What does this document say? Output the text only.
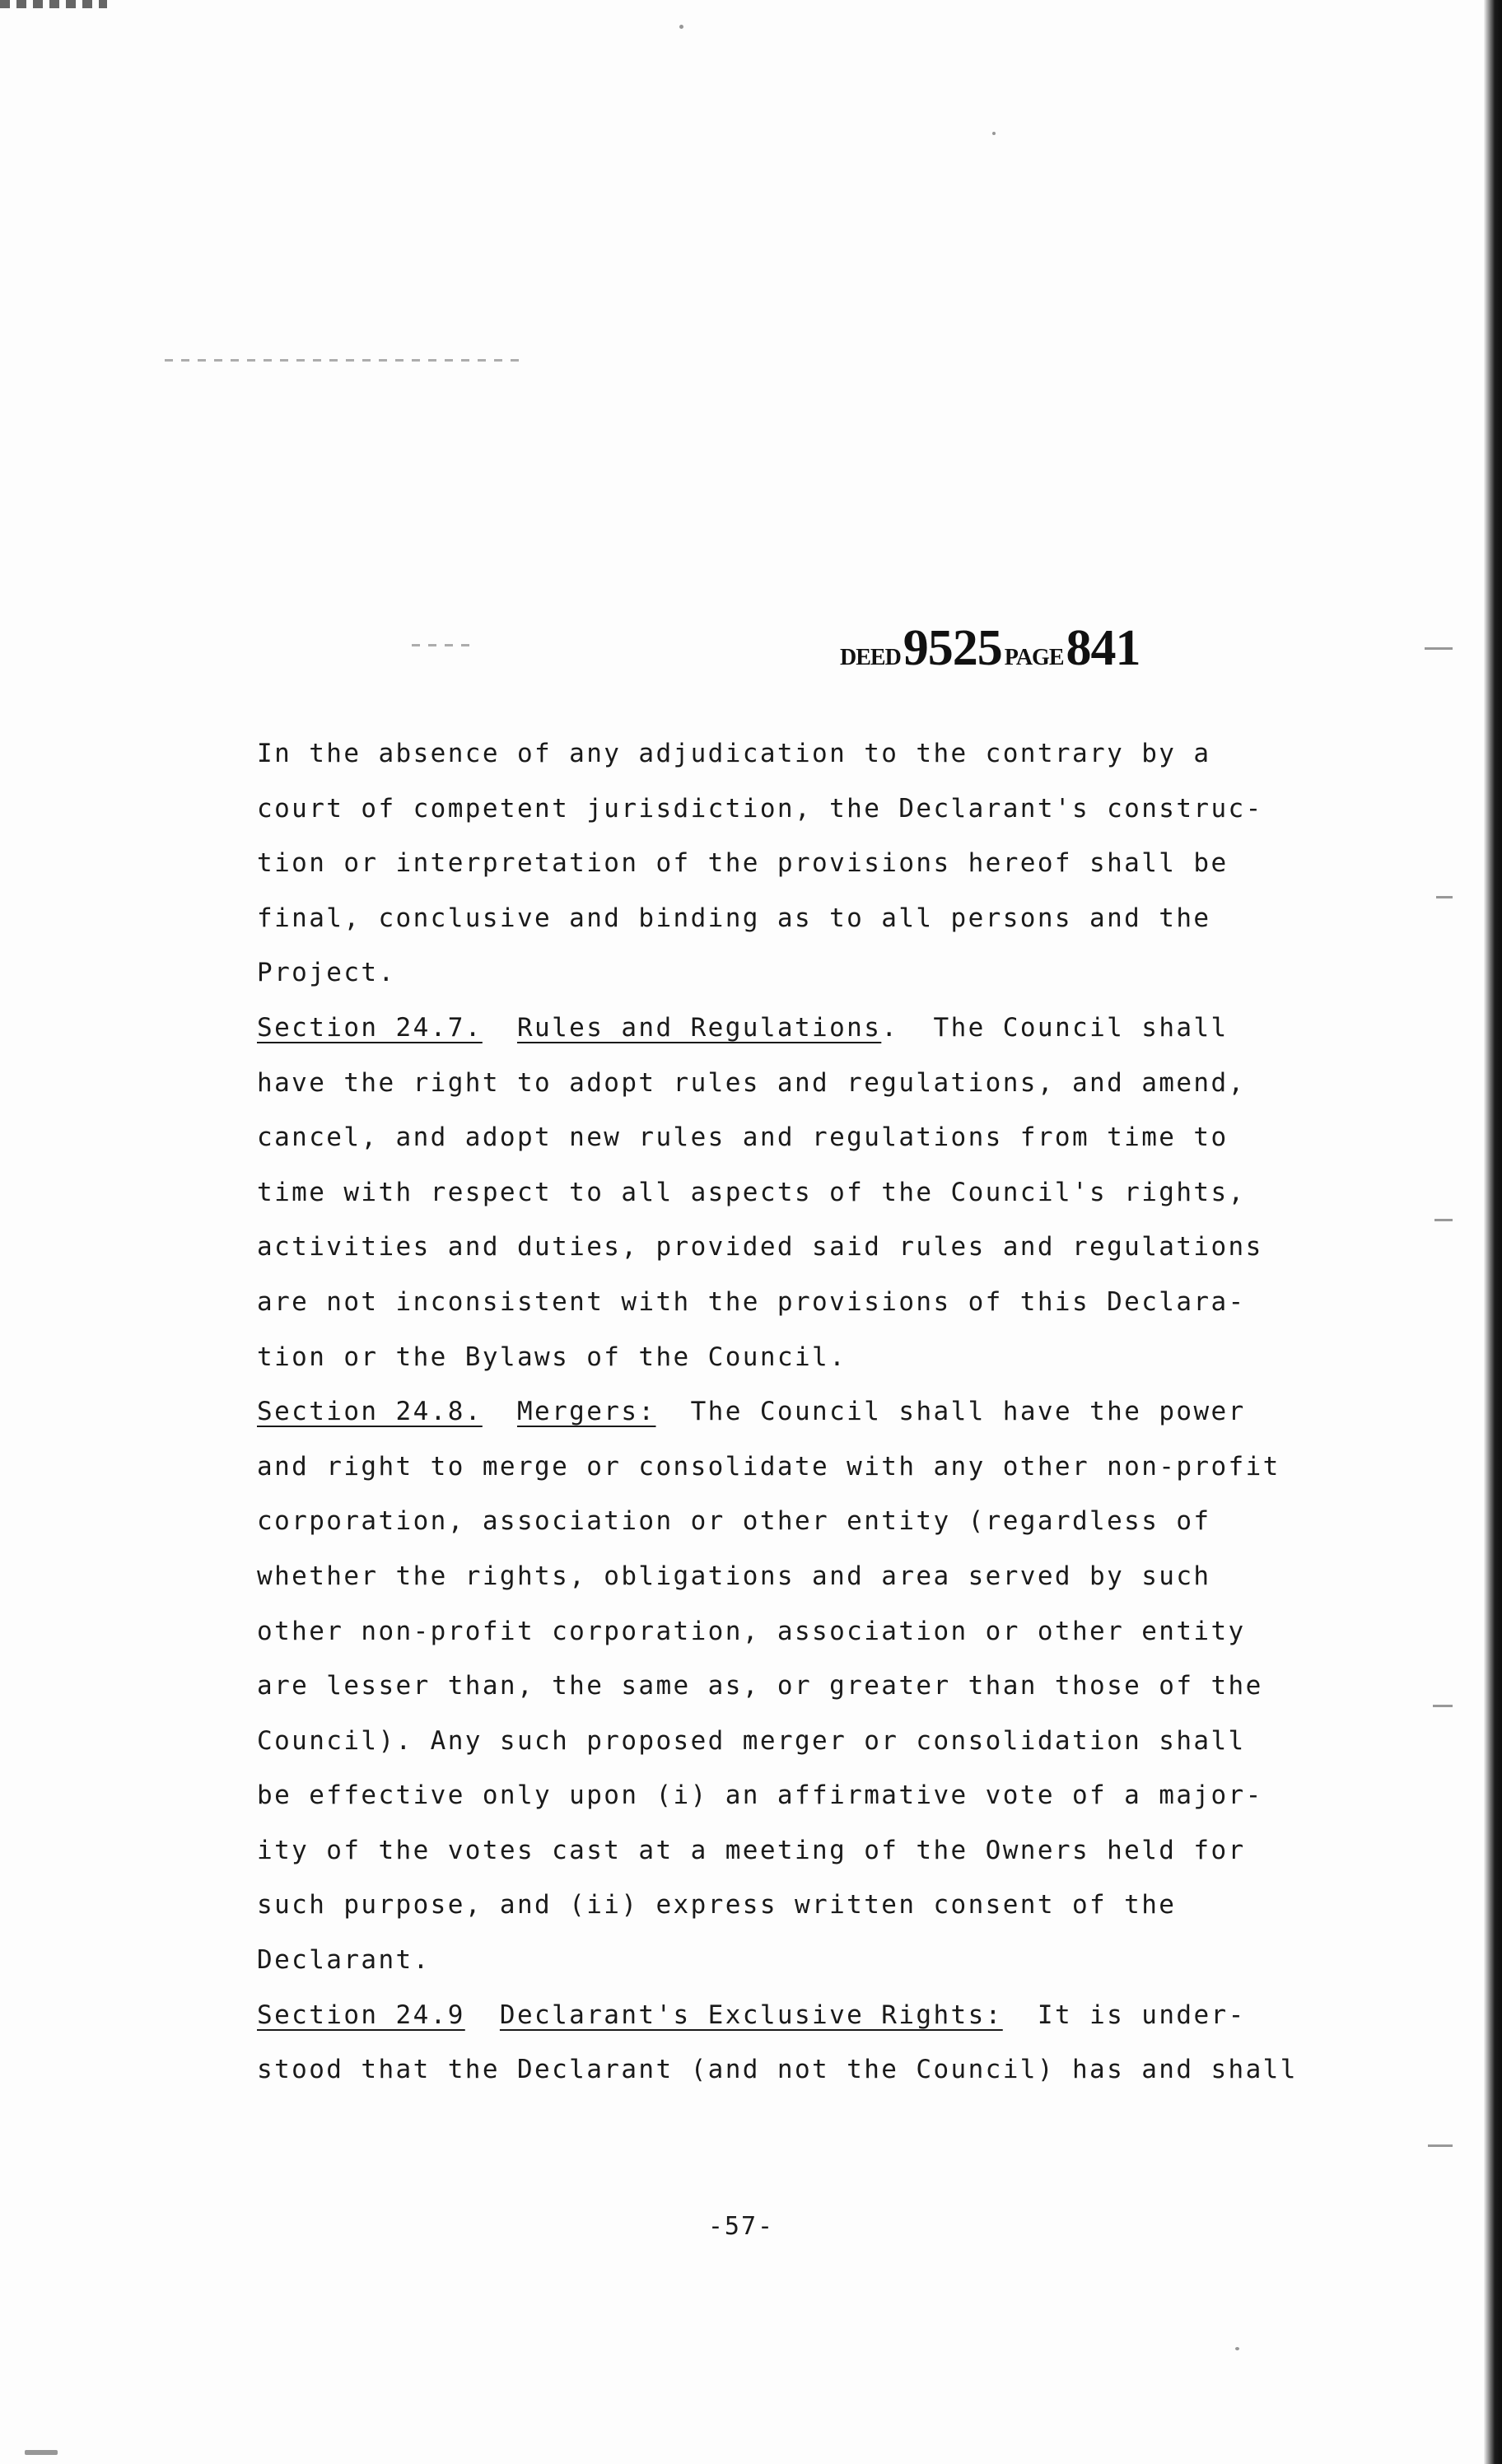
DEED 9525 PAGE 841
In the absence of any adjudication to the contrary by a
court of competent jurisdiction, the Declarant's construc-
tion or interpretation of the provisions hereof shall be
final, conclusive and binding as to all persons and the
Project.
Section 24.7. Rules and Regulations.  The Council shall
have the right to adopt rules and regulations, and amend,
cancel, and adopt new rules and regulations from time to
time with respect to all aspects of the Council's rights,
activities and duties, provided said rules and regulations
are not inconsistent with the provisions of this Declara-
tion or the Bylaws of the Council.
Section 24.8. Mergers:  The Council shall have the power
and right to merge or consolidate with any other non-profit
corporation, association or other entity (regardless of
whether the rights, obligations and area served by such
other non-profit corporation, association or other entity
are lesser than, the same as, or greater than those of the
Council). Any such proposed merger or consolidation shall
be effective only upon (i) an affirmative vote of a major-
ity of the votes cast at a meeting of the Owners held for
such purpose, and (ii) express written consent of the
Declarant.
Section 24.9 Declarant's Exclusive Rights:  It is under-
stood that the Declarant (and not the Council) has and shall
-57-
